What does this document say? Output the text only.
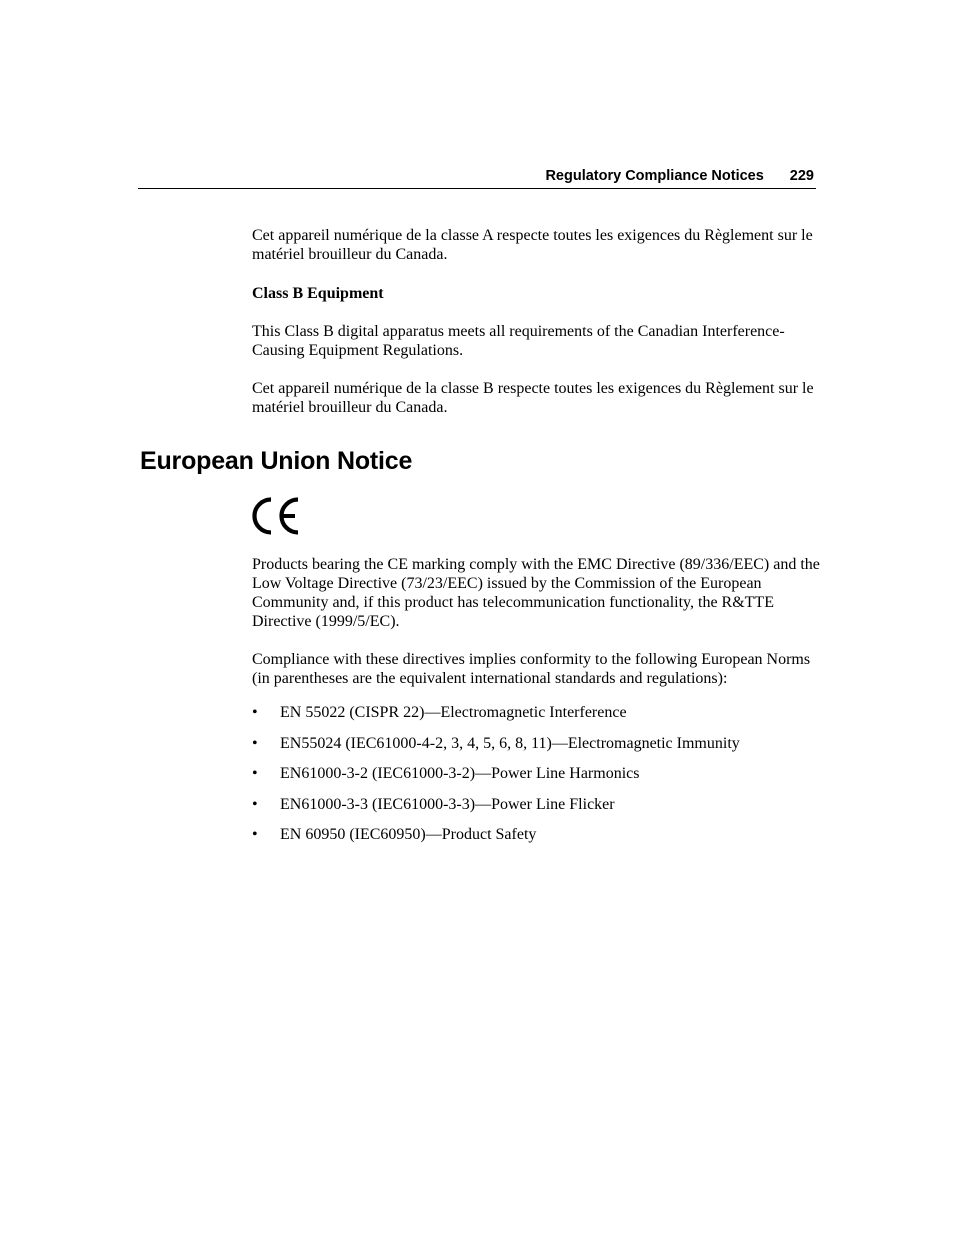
Regulatory Compliance Notices 229

Cet appareil numérique de la classe A respecte toutes les exigences du Règlement sur le matériel brouilleur du Canada.

Class B Equipment

This Class B digital apparatus meets all requirements of the Canadian Interference-Causing Equipment Regulations.

Cet appareil numérique de la classe B respecte toutes les exigences du Règlement sur le matériel brouilleur du Canada.

European Union Notice

Products bearing the CE marking comply with the EMC Directive (89/336/EEC) and the Low Voltage Directive (73/23/EEC) issued by the Commission of the European Community and, if this product has telecommunication functionality, the R&TTE Directive (1999/5/EC).

Compliance with these directives implies conformity to the following European Norms (in parentheses are the equivalent international standards and regulations):

• EN 55022 (CISPR 22)—Electromagnetic Interference
• EN55024 (IEC61000-4-2, 3, 4, 5, 6, 8, 11)—Electromagnetic Immunity
• EN61000-3-2 (IEC61000-3-2)—Power Line Harmonics
• EN61000-3-3 (IEC61000-3-3)—Power Line Flicker
• EN 60950 (IEC60950)—Product Safety
